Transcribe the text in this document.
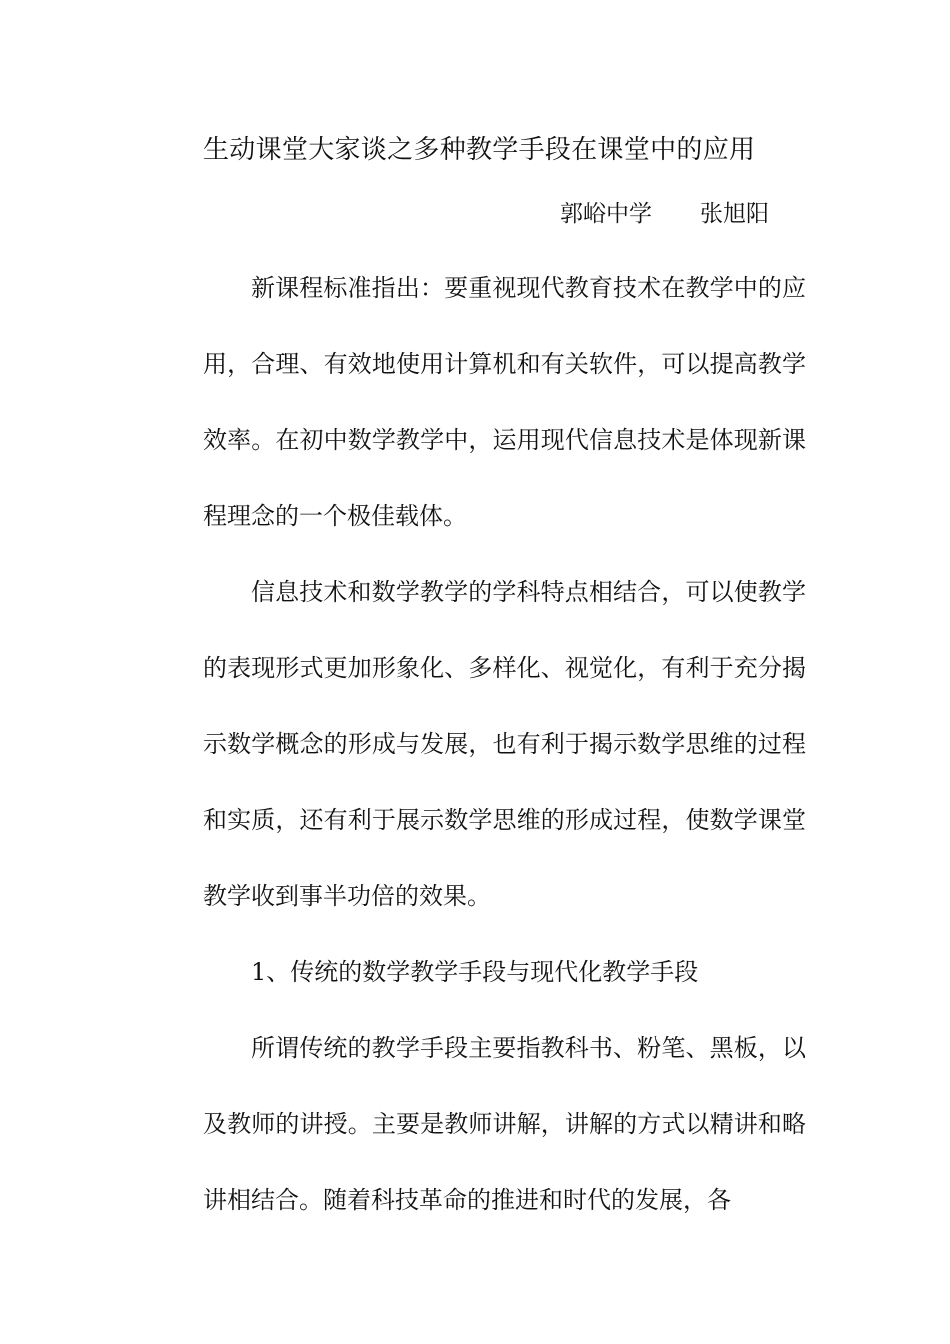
生动课堂大家谈之多种教学手段在课堂中的应用
郭峪中学 张旭阳

新课程标准指出：要重视现代教育技术在教学中的应用，合理、有效地使用计算机和有关软件，可以提高教学效率。在初中数学教学中，运用现代信息技术是体现新课程理念的一个极佳载体。

信息技术和数学教学的学科特点相结合，可以使教学的表现形式更加形象化、多样化、视觉化，有利于充分揭示数学概念的形成与发展，也有利于揭示数学思维的过程和实质，还有利于展示数学思维的形成过程，使数学课堂教学收到事半功倍的效果。

1、传统的数学教学手段与现代化教学手段

所谓传统的教学手段主要指教科书、粉笔、黑板，以及教师的讲授。主要是教师讲解，讲解的方式以精讲和略讲相结合。随着科技革命的推进和时代的发展，各
